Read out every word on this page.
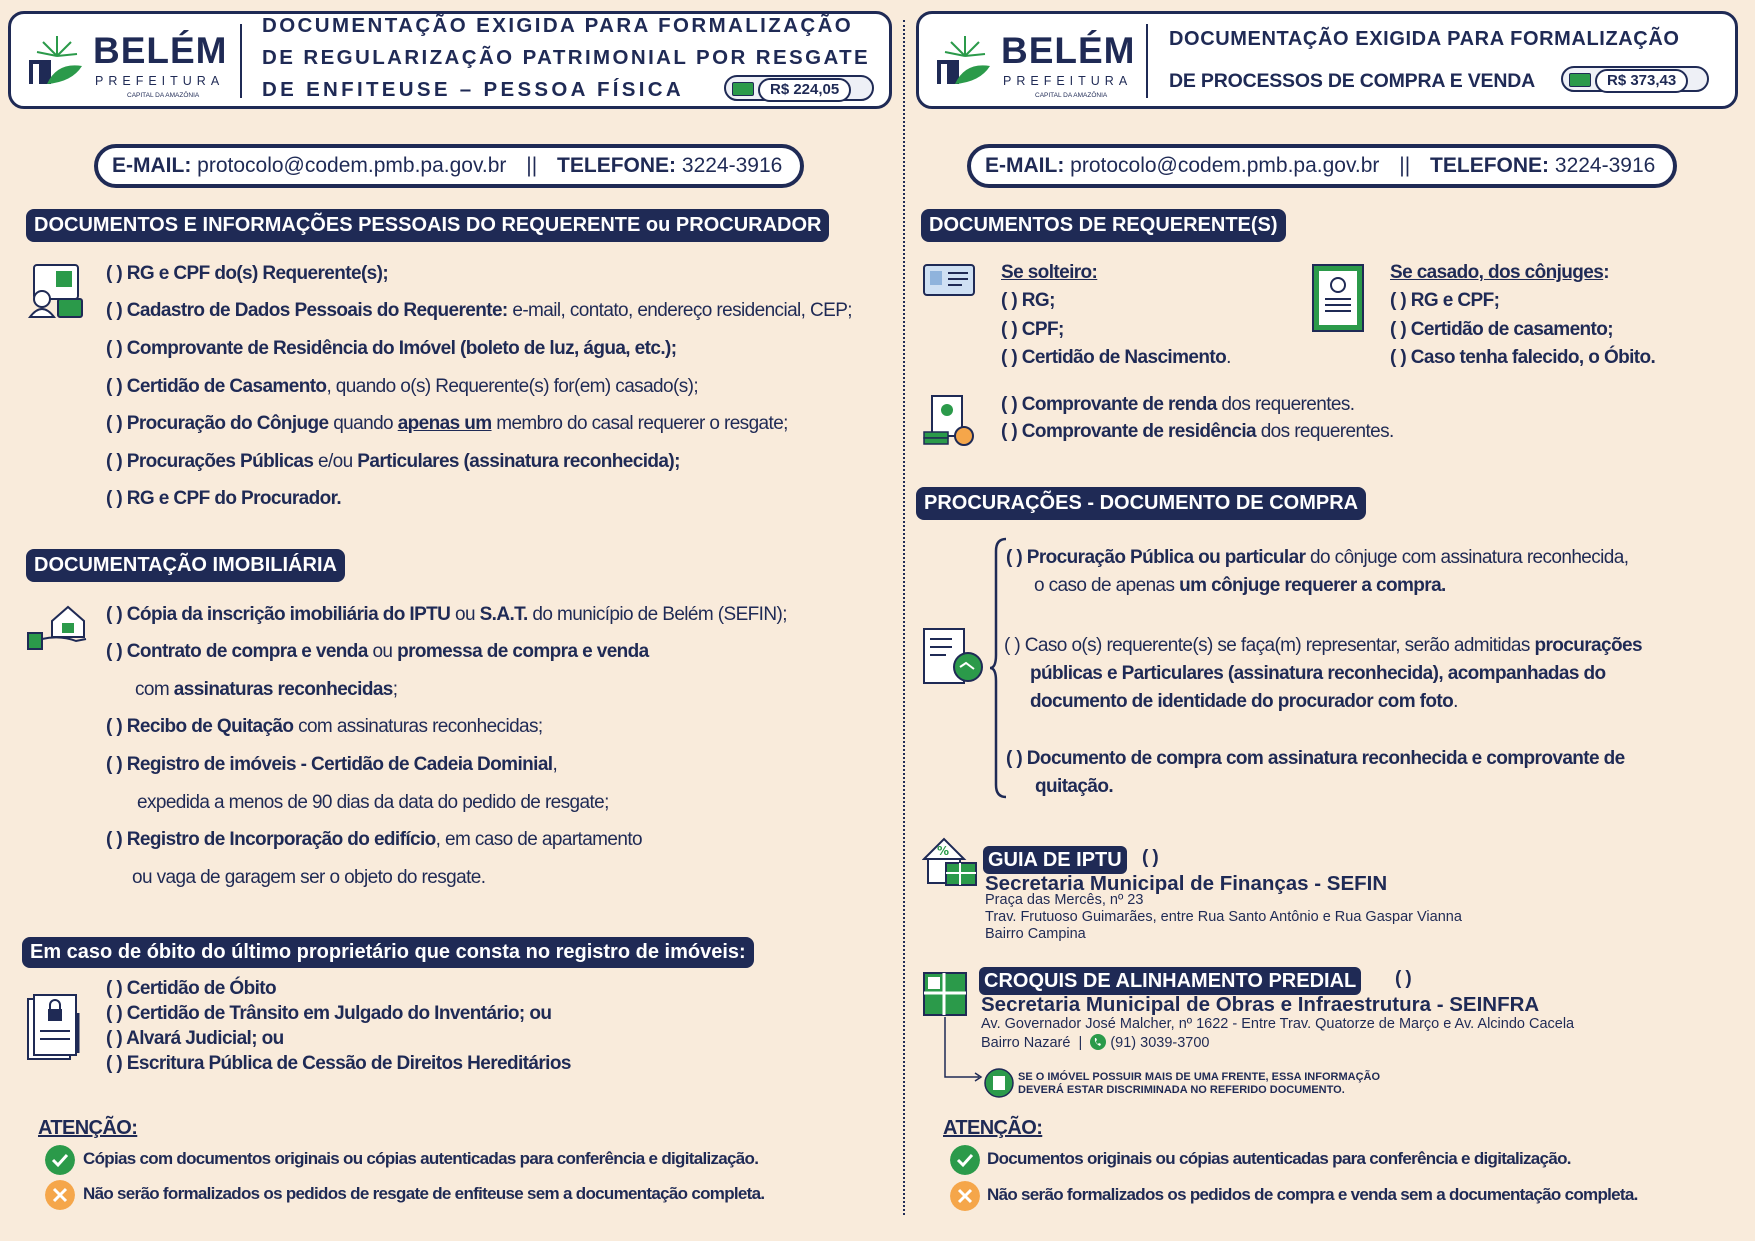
BELÉM
PREFEITURA
CAPITAL DA AMAZÔNIA
DOCUMENTAÇÃO EXIGIDA PARA FORMALIZAÇÃO
DE REGULARIZAÇÃO PATRIMONIAL POR RESGATE
DE ENFITEUSE – PESSOA FÍSICA	R$ 224,05
E-MAIL: protocolo@codem.pmb.pa.gov.br || TELEFONE: 3224-3916
DOCUMENTOS E INFORMAÇÕES PESSOAIS DO REQUERENTE ou PROCURADOR
( ) RG e CPF do(s) Requerente(s);
( ) Cadastro de Dados Pessoais do Requerente: e-mail, contato, endereço residencial, CEP;
( ) Comprovante de Residência do Imóvel (boleto de luz, água, etc.);
( ) Certidão de Casamento, quando o(s) Requerente(s) for(em) casado(s);
( ) Procuração do Cônjuge quando apenas um membro do casal requerer o resgate;
( ) Procurações Públicas e/ou Particulares (assinatura reconhecida);
( ) RG e CPF do Procurador.
DOCUMENTAÇÃO IMOBILIÁRIA
( ) Cópia da inscrição imobiliária do IPTU ou S.A.T. do município de Belém (SEFIN);
( ) Contrato de compra e venda ou promessa de compra e venda
com assinaturas reconhecidas;
( ) Recibo de Quitação com assinaturas reconhecidas;
( ) Registro de imóveis - Certidão de Cadeia Dominial,
expedida a menos de 90 dias da data do pedido de resgate;
( ) Registro de Incorporação do edifício, em caso de apartamento
ou vaga de garagem ser o objeto do resgate.
Em caso de óbito do último proprietário que consta no registro de imóveis:
( ) Certidão de Óbito
( ) Certidão de Trânsito em Julgado do Inventário; ou
( ) Alvará Judicial; ou
( ) Escritura Pública de Cessão de Direitos Hereditários
ATENÇÃO:
Cópias com documentos originais ou cópias autenticadas para conferência e digitalização.
Não serão formalizados os pedidos de resgate de enfiteuse sem a documentação completa.
BELÉM
PREFEITURA
CAPITAL DA AMAZÔNIA
DOCUMENTAÇÃO EXIGIDA PARA FORMALIZAÇÃO
DE PROCESSOS DE COMPRA E VENDA	R$ 373,43
E-MAIL: protocolo@codem.pmb.pa.gov.br || TELEFONE: 3224-3916
DOCUMENTOS DE REQUERENTE(S)
Se solteiro:
( ) RG;
( ) CPF;
( ) Certidão de Nascimento.
Se casado, dos cônjuges:
( ) RG e CPF;
( ) Certidão de casamento;
( ) Caso tenha falecido, o Óbito.
( ) Comprovante de renda dos requerentes.
( ) Comprovante de residência dos requerentes.
PROCURAÇÕES - DOCUMENTO DE COMPRA
( ) Procuração Pública ou particular do cônjuge com assinatura reconhecida,
o caso de apenas um cônjuge requerer a compra.
( ) Caso o(s) requerente(s) se faça(m) representar, serão admitidas procurações
públicas e Particulares (assinatura reconhecida), acompanhadas do
documento de identidade do procurador com foto.
( ) Documento de compra com assinatura reconhecida e comprovante de
quitação.
% GUIA DE IPTU ( )
Secretaria Municipal de Finanças - SEFIN
Praça das Mercês, nº 23
Trav. Frutuoso Guimarães, entre Rua Santo Antônio e Rua Gaspar Vianna
Bairro Campina
CROQUIS DE ALINHAMENTO PREDIAL ( )
Secretaria Municipal de Obras e Infraestrutura - SEINFRA
Av. Governador José Malcher, nº 1622 - Entre Trav. Quatorze de Março e Av. Alcindo Cacela
Bairro Nazaré | (91) 3039-3700
SE O IMÓVEL POSSUIR MAIS DE UMA FRENTE, ESSA INFORMAÇÃO
DEVERÁ ESTAR DISCRIMINADA NO REFERIDO DOCUMENTO.
ATENÇÃO:
Documentos originais ou cópias autenticadas para conferência e digitalização.
Não serão formalizados os pedidos de compra e venda sem a documentação completa.
